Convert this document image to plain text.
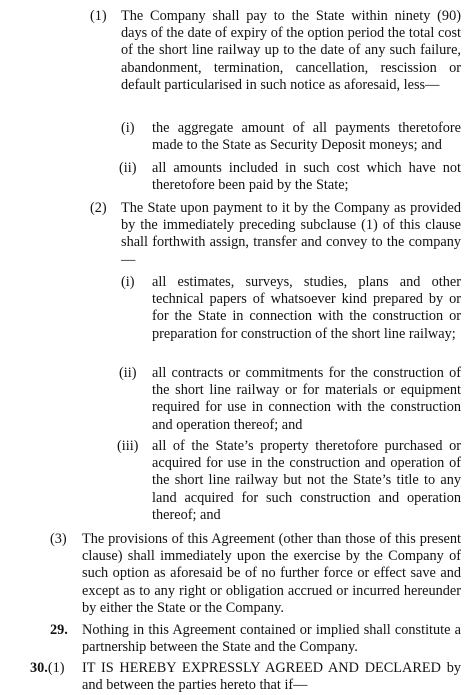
(1) The Company shall pay to the State within ninety (90) days of the date of expiry of the option period the total cost of the short line railway up to the date of any such failure, abandonment, termination, cancellation, rescission or default particularised in such notice as aforesaid, less—
(i) the aggregate amount of all payments theretofore made to the State as Security Deposit moneys; and
(ii) all amounts included in such cost which have not theretofore been paid by the State;
(2) The State upon payment to it by the Company as provided by the immediately preceding subclause (1) of this clause shall forthwith assign, transfer and convey to the company—
(i) all estimates, surveys, studies, plans and other technical papers of whatsoever kind prepared by or for the State in connection with the construction or preparation for construction of the short line railway;
(ii) all contracts or commitments for the construction of the short line railway or for materials or equipment required for use in connection with the construction and operation thereof; and
(iii) all of the State’s property theretofore purchased or acquired for use in the construction and operation of the short line railway but not the State’s title to any land acquired for such construction and operation thereof; and
(3) The provisions of this Agreement (other than those of this present clause) shall immediately upon the exercise by the Company of such option as aforesaid be of no further force or effect save and except as to any right or obligation accrued or incurred hereunder by either the State or the Company.
29. Nothing in this Agreement contained or implied shall constitute a partnership between the State and the Company.
30.(1) IT IS HEREBY EXPRESSLY AGREED AND DECLARED by and between the parties hereto that if—
